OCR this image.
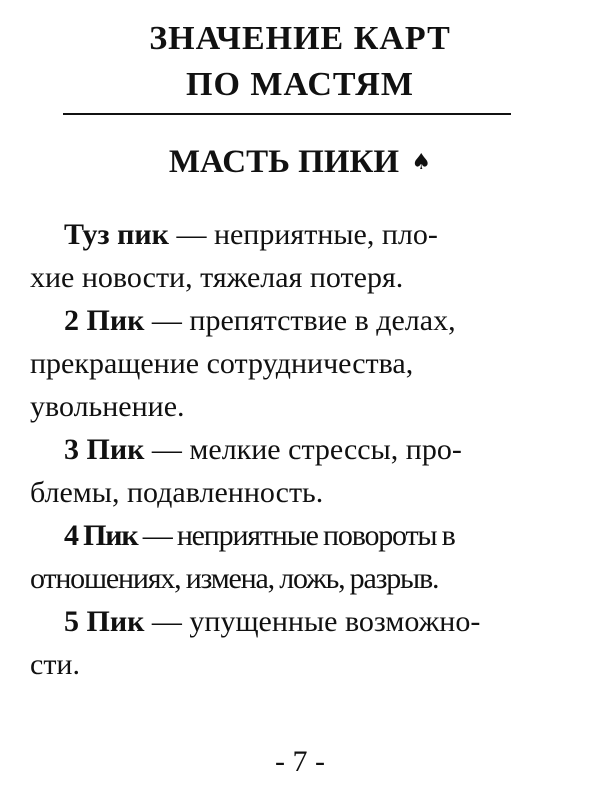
ЗНАЧЕНИЕ КАРТ
ПО МАСТЯМ
МАСТЬ ПИКИ ♠

Туз пик — неприятные, пло-
хие новости, тяжелая потеря.

2 Пик — препятствие в делах,
прекращение сотрудничества,
увольнение.

3 Пик — мелкие стрессы, про-
блемы, подавленность.

4 Пик — неприятные повороты в
отношениях, измена, ложь, разрыв.

5 Пик — упущенные возможно-
сти.

- 7 -
